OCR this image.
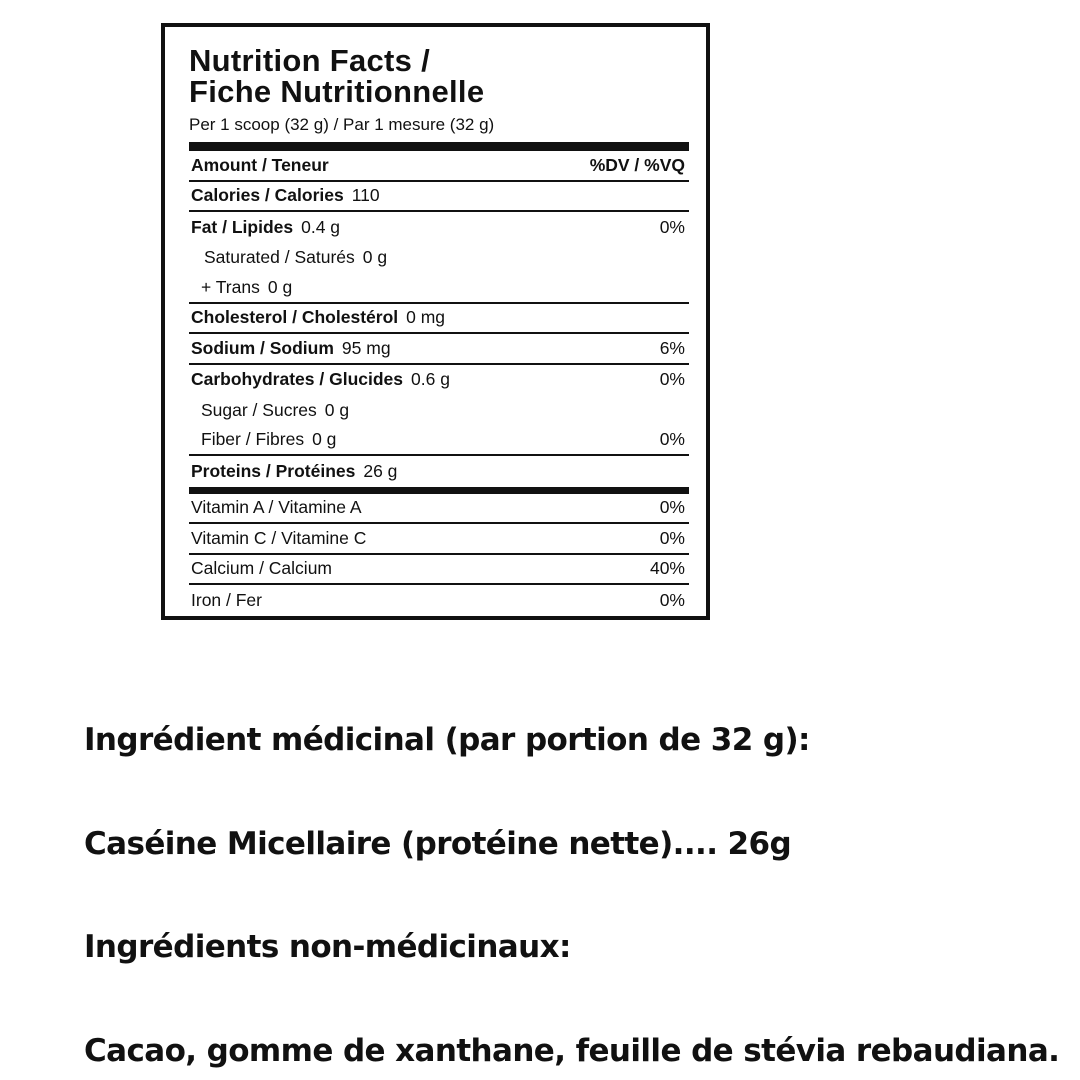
Nutrition Facts /
Fiche Nutritionnelle
Per 1 scoop (32 g) / Par 1 mesure (32 g)
Amount / Teneur	%DV / %VQ
Calories / Calories 110
Fat / Lipides 0.4 g	0%
Saturated / Saturés 0 g
+ Trans 0 g
Cholesterol / Cholestérol 0 mg
Sodium / Sodium 95 mg	6%
Carbohydrates / Glucides 0.6 g	0%
Sugar / Sucres 0 g
Fiber / Fibres 0 g	0%
Proteins / Protéines 26 g
Vitamin A / Vitamine A	0%
Vitamin C / Vitamine C	0%
Calcium / Calcium	40%
Iron / Fer	0%
Ingrédient médicinal (par portion de 32 g):
Caséine Micellaire (protéine nette).... 26g
Ingrédients non-médicinaux:
Cacao, gomme de xanthane, feuille de stévia rebaudiana.
